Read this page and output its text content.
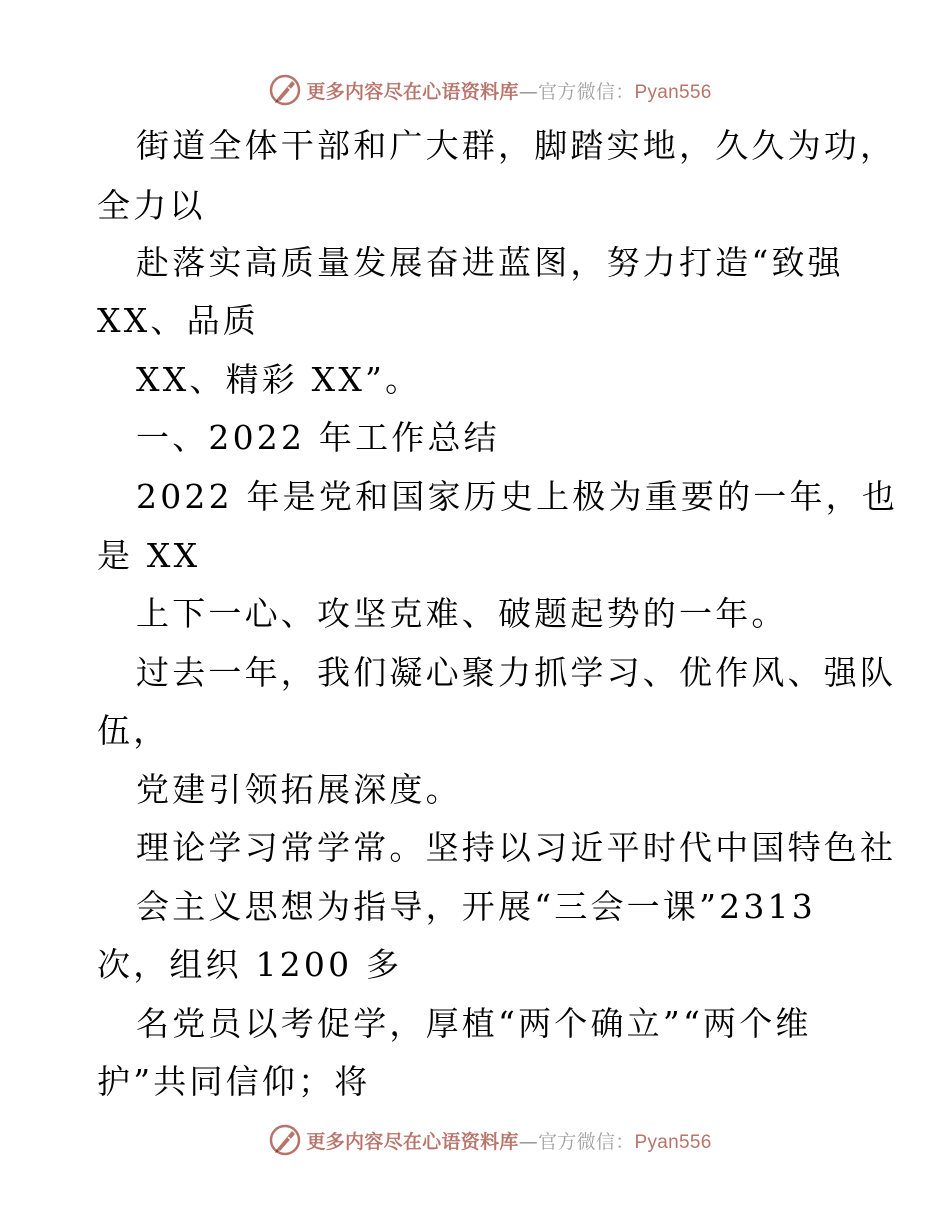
更多内容尽在心语资料库—官方微信：Pyan556
街道全体干部和广大群，脚踏实地，久久为功，
全力以
赴落实高质量发展奋进蓝图，努力打造“致强
XX、品质
XX、精彩 XX”。
一、2022 年工作总结
2022 年是党和国家历史上极为重要的一年，也
是 XX
上下一心、攻坚克难、破题起势的一年。
过去一年，我们凝心聚力抓学习、优作风、强队
伍，
党建引领拓展深度。
理论学习常学常。坚持以习近平时代中国特色社
会主义思想为指导，开展“三会一课”2313
次，组织 1200 多
名党员以考促学，厚植“两个确立”“两个维
护”共同信仰；将
更多内容尽在心语资料库—官方微信：Pyan556
